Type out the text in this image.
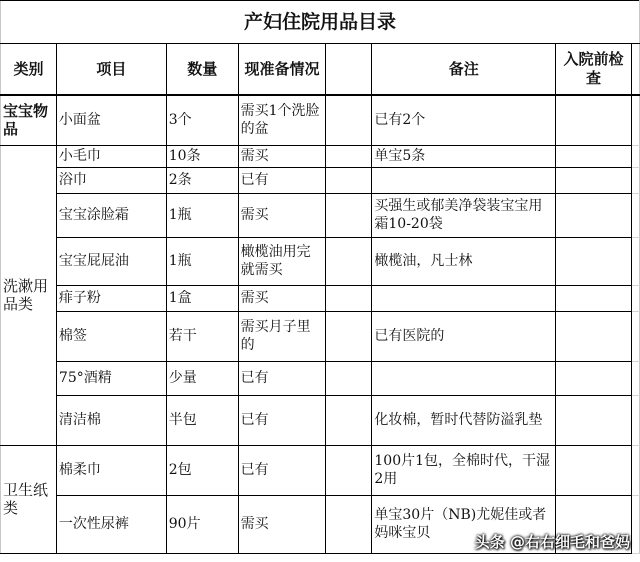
产妇住院用品目录							
类别	项目	数量	现准备情况		备注	入院前检查	
宝宝物品	小面盆	3个	需买1个洗脸的盆		已有2个		
洗漱用品类	小毛巾	10条	需买		单宝5条		
	浴巾	2条	已有				
	宝宝涂脸霜	1瓶	需买		买强生或郁美净袋装宝宝用霜10-20袋		
	宝宝屁屁油	1瓶	橄榄油用完就需买		橄榄油，凡士林		
	痱子粉	1盒	需买				
	棉签	若干	需买月子里的		已有医院的		
	75°酒精	少量	已有				
	清洁棉	半包	已有		化妆棉，暂时代替防溢乳垫		
卫生纸类	棉柔巾	2包	已有		100片1包，全棉时代，干湿2用		
	一次性尿裤	90片	需买		单宝30片（NB)尤妮佳或者妈咪宝贝			头条 @右右细毛和爸妈
